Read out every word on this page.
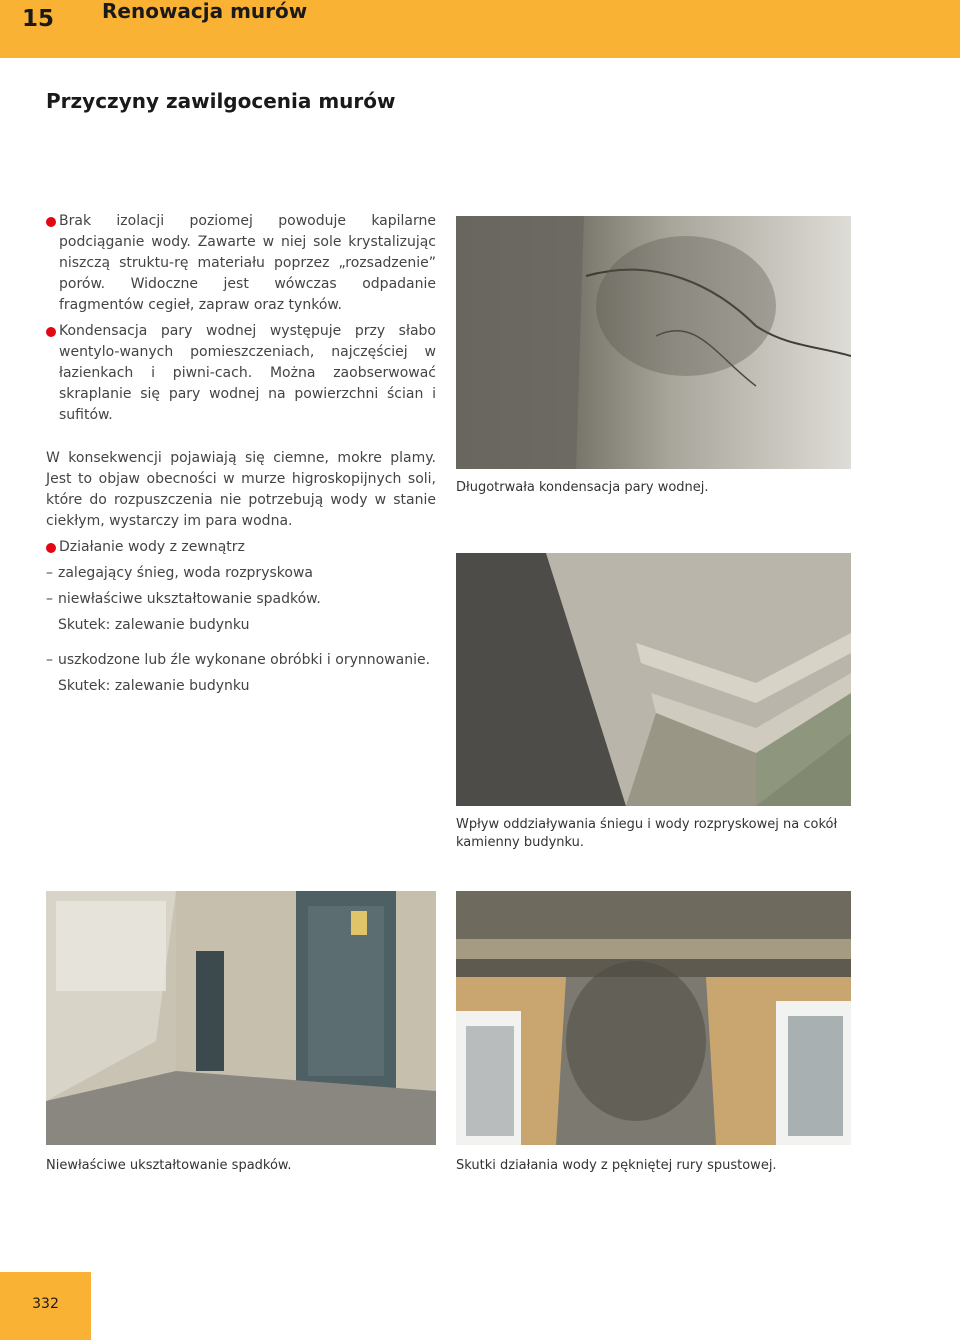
15 Renowacja murów
Przyczyny zawilgocenia murów

Brak izolacji poziomej powoduje kapilarne podciąganie wody. Zawarte w niej sole krystalizując niszczą struktu-rę materiału poprzez „rozsadzenie” porów. Widoczne jest wówczas odpadanie fragmentów cegieł, zapraw oraz tynków.

Kondensacja pary wodnej występuje przy słabo wentylo-wanych pomieszczeniach, najczęściej w łazienkach i piwni-cach. Można zaobserwować skraplanie się pary wodnej na powierzchni ścian i sufitów.

W konsekwencji pojawiają się ciemne, mokre plamy. Jest to objaw obecności w murze higroskopijnych soli, które do rozpuszczenia nie potrzebują wody w stanie ciekłym, wystarczy im para wodna.

Działanie wody z zewnątrz

– zalegający śnieg, woda rozpryskowa

– niewłaściwe ukształtowanie spadków.

Skutek: zalewanie budynku

– uszkodzone lub źle wykonane obróbki i orynnowanie.

Skutek: zalewanie budynku

Długotrwała kondensacja pary wodnej.
Wpływ oddziaływania śniegu i wody rozpryskowej na cokół kamienny budynku.
Niewłaściwe ukształtowanie spadków.	Skutki działania wody z pękniętej rury spustowej.
332
